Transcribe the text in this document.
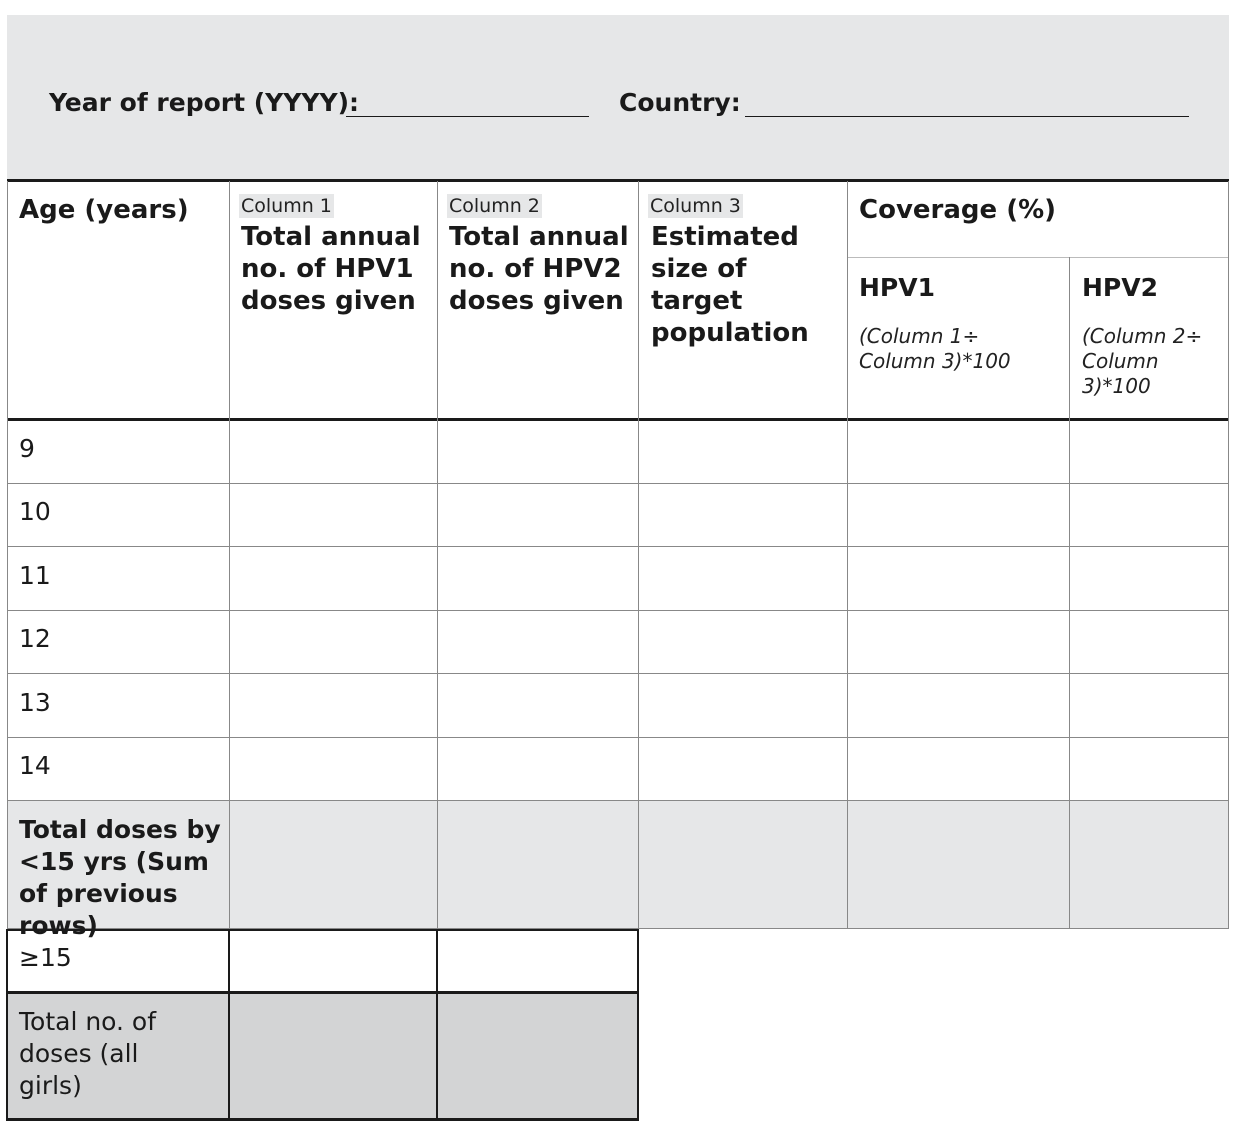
Year of report (YYYY):	Country:
Age (years)	Column 1
Total annual no. of HPV1 doses given
Column 2
Total annual no. of HPV2 doses given
Column 3
Estimated size of target population
Coverage (%)
HPV1
(Column 1÷ Column 3)*100
HPV2
(Column 2÷ Column 3)*100
9
10
11
12
13
14
Total doses by <15 yrs (Sum of previous rows)
≥15
Total no. of doses (all girls)
